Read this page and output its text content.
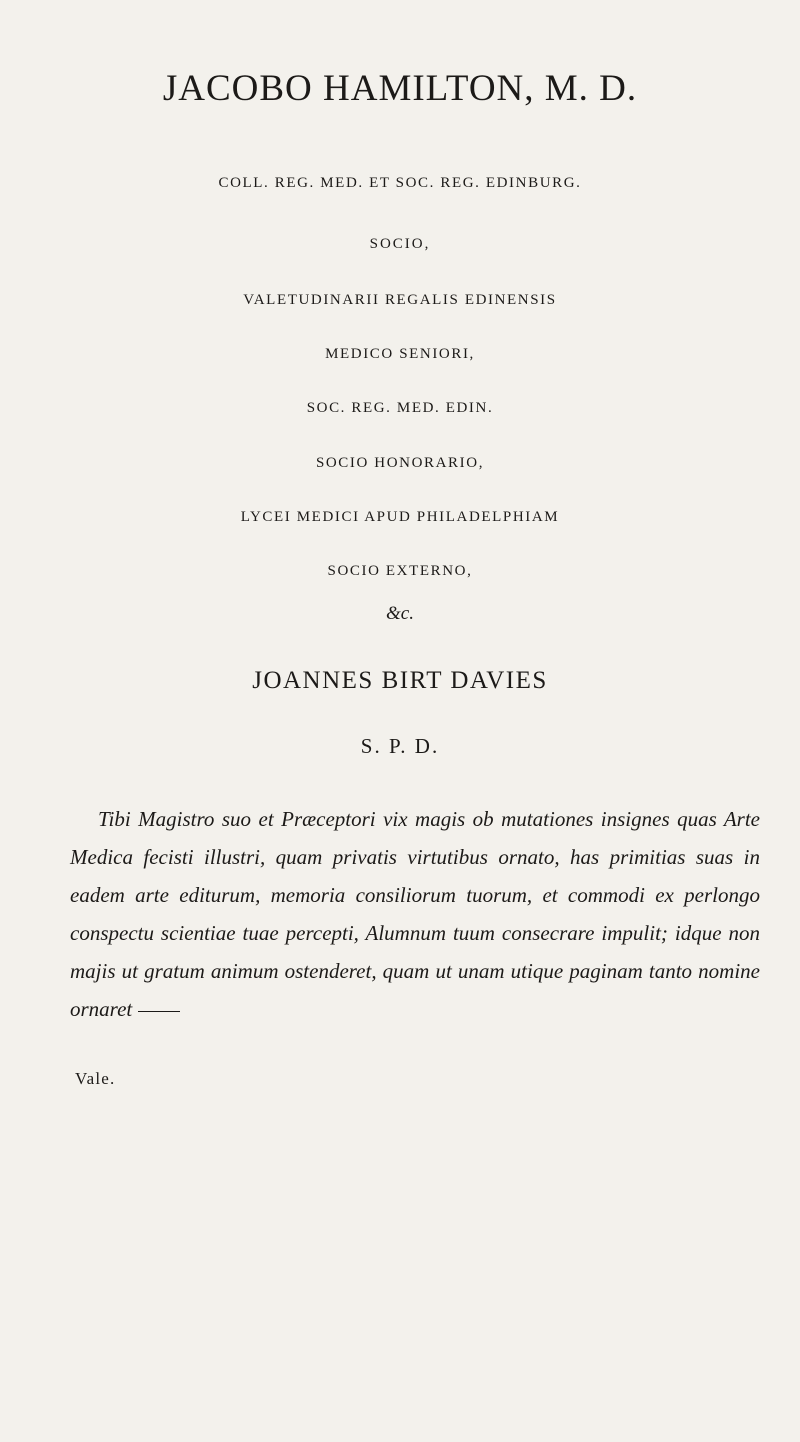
JACOBO HAMILTON, M. D.
COLL. REG. MED. ET SOC. REG. EDINBURG.
SOCIO,
VALETUDINARII REGALIS EDINENSIS
MEDICO SENIORI,
SOC. REG. MED. EDIN.
SOCIO HONORARIO,
LYCEI MEDICI APUD PHILADELPHIAM
SOCIO EXTERNO,
&c.
JOANNES BIRT DAVIES
S. P. D.

Tibi Magistro suo et Præceptori vix magis ob mutationes insignes quas Arte Medica fecisti illustri, quam privatis virtutibus ornato, has primitias suas in eadem arte editurum, memoria consiliorum tuorum, et commodi ex perlongo conspectu scientiae tuae percepti, Alumnum tuum consecrare impulit; idque non majis ut gratum animum ostenderet, quam ut unam utique paginam tanto nomine ornaret

Vale.
